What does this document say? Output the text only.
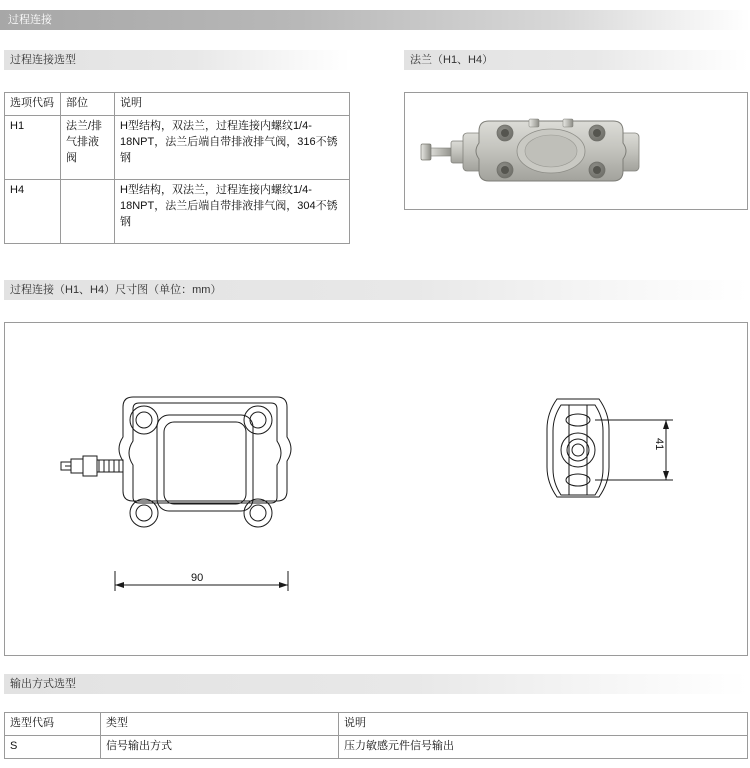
过程连接
过程连接选型	法兰（H1、H4）
选项代码	部位	说明
H1	法兰/排气排液阀	H型结构，双法兰，过程连接内螺纹1/4-18NPT，法兰后端自带排液排气阀，316不锈钢
H4		H型结构，双法兰，过程连接内螺纹1/4-18NPT，法兰后端自带排液排气阀，304不锈钢
过程连接（H1、H4）尺寸图（单位：mm）
90
41
输出方式选型
选型代码	类型	说明
S	信号输出方式	压力敏感元件信号输出
